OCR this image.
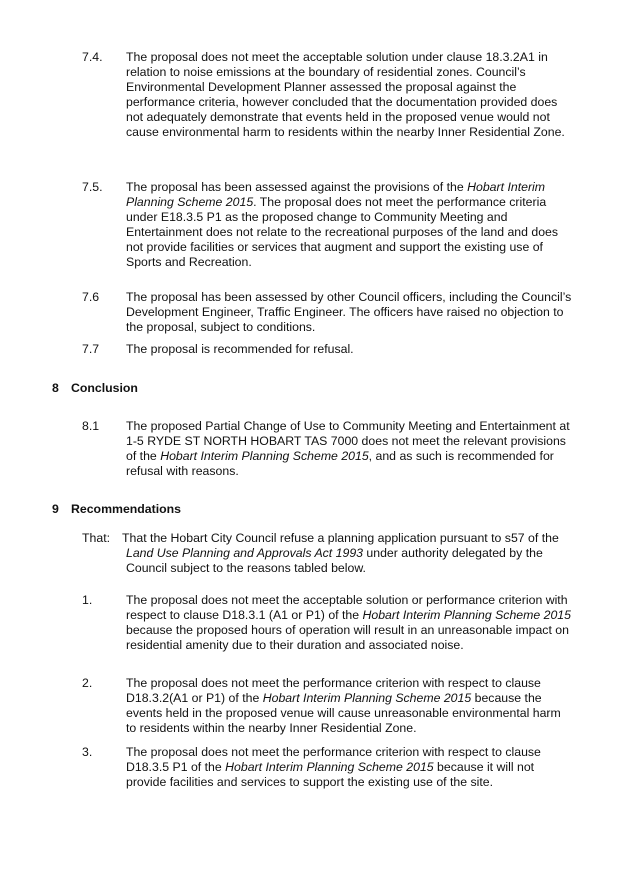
7.4. The proposal does not meet the acceptable solution under clause 18.3.2A1 in relation to noise emissions at the boundary of residential zones. Council’s Environmental Development Planner assessed the proposal against the performance criteria, however concluded that the documentation provided does not adequately demonstrate that events held in the proposed venue would not cause environmental harm to residents within the nearby Inner Residential Zone.
7.5. The proposal has been assessed against the provisions of the Hobart Interim Planning Scheme 2015. The proposal does not meet the performance criteria under E18.3.5 P1 as the proposed change to Community Meeting and Entertainment does not relate to the recreational purposes of the land and does not provide facilities or services that augment and support the existing use of Sports and Recreation.
7.6 The proposal has been assessed by other Council officers, including the Council’s Development Engineer, Traffic Engineer. The officers have raised no objection to the proposal, subject to conditions.
7.7 The proposal is recommended for refusal.
8 Conclusion
8.1 The proposed Partial Change of Use to Community Meeting and Entertainment at 1-5 RYDE ST NORTH HOBART TAS 7000 does not meet the relevant provisions of the Hobart Interim Planning Scheme 2015, and as such is recommended for refusal with reasons.
9 Recommendations
That: That the Hobart City Council refuse a planning application pursuant to s57 of the
Land Use Planning and Approvals Act 1993 under authority delegated by the Council subject to the reasons tabled below.
1.	The proposal does not meet the acceptable solution or performance criterion with respect to clause D18.3.1 (A1 or P1) of the Hobart Interim Planning Scheme 2015 because the proposed hours of operation will result in an unreasonable impact on residential amenity due to their duration and associated noise.
2.	The proposal does not meet the performance criterion with respect to clause D18.3.2(A1 or P1) of the Hobart Interim Planning Scheme 2015 because the events held in the proposed venue will cause unreasonable environmental harm to residents within the nearby Inner Residential Zone.
3.	The proposal does not meet the performance criterion with respect to clause D18.3.5 P1 of the Hobart Interim Planning Scheme 2015 because it will not provide facilities and services to support the existing use of the site.
